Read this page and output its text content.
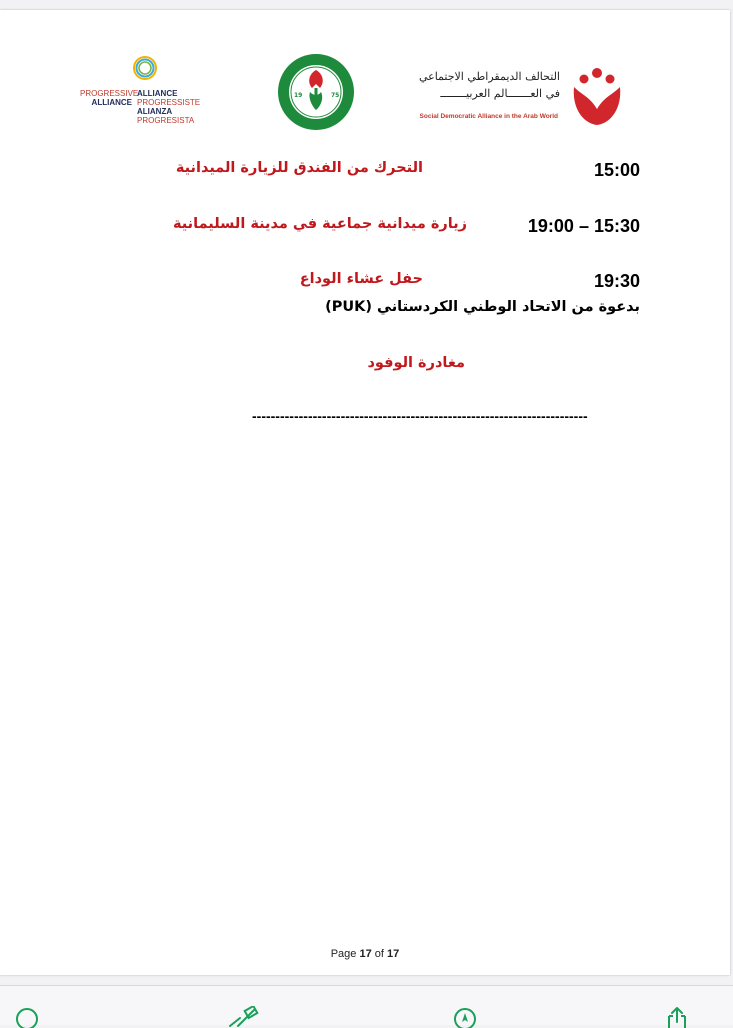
PROGRESSIVE
ALLIANCE
ALLIANCE
PROGRESSISTE
ALIANZA
PROGRESISTA
19	75
التحالف الديمقراطي الاجتماعي
في العـــــــالم العربيــــــــ
Social Democratic Alliance in the Arab World
15:00
التحرك من الفندق للزيارة الميدانية
15:30 – 19:00
زيارة ميدانية جماعية في مدينة السليمانية
19:30
حفل عشاء الوداع
بدعوة من الاتحاد الوطني الكردستاني (PUK)
مغادرة الوفود
------------------------------------------------------------------------
Page 17 of 17
